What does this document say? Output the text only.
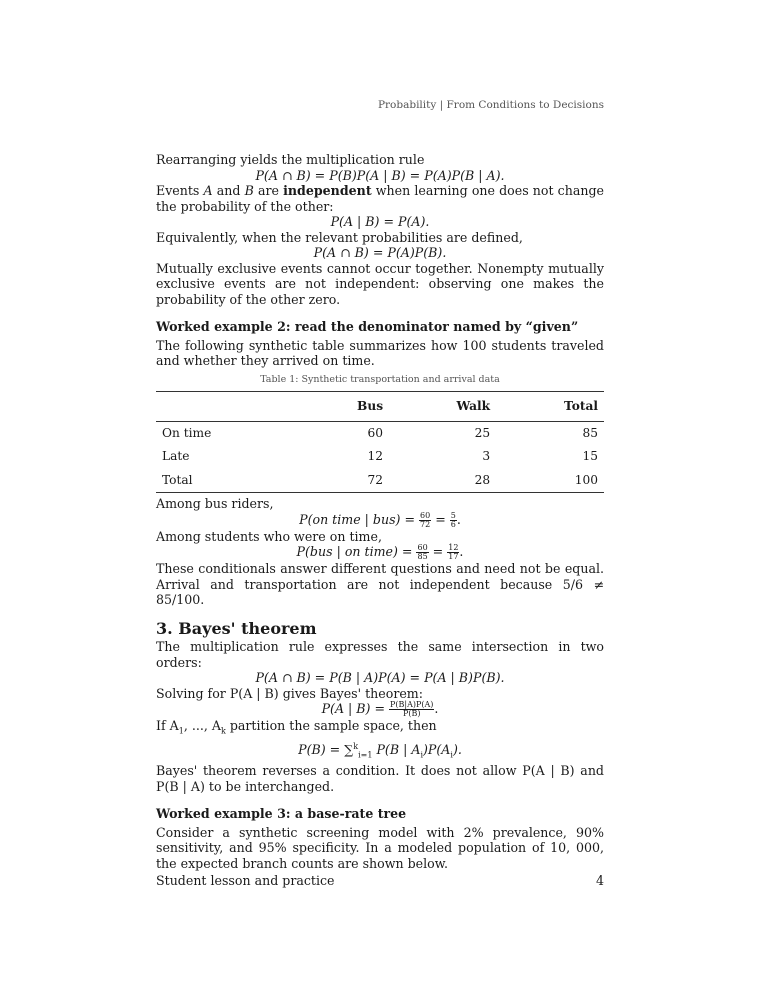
Probability | From Conditions to Decisions

Rearranging yields the multiplication rule

P(A ∩ B) = P(B)P(A | B) = P(A)P(B | A).

Events A and B are independent when learning one does not change the probability of the other:

P(A | B) = P(A).

Equivalently, when the relevant probabilities are defined,

P(A ∩ B) = P(A)P(B).

Mutually exclusive events cannot occur together. Nonempty mutually exclusive events are not independent: observing one makes the probability of the other zero.

Worked example 2: read the denominator named by “given”

The following synthetic table summarizes how 100 students traveled and whether they arrived on time.

Table 1: Synthetic transportation and arrival data
	Bus	Walk	Total
On time	60	25	85
Late	12	3	15
Total	72	28	100

Among bus riders,

P(on time | $bus) = \frac{60}{72} = \frac{5}{6}$ .

Among students who were on time,

P(bus | on time) = $\frac{60}{85} = \frac{12}{17}$ .

These conditionals answer different questions and need not be equal. Arrival and transportation are not independent because 5/6 ≠ 85/100.

3. Bayes' theorem

The multiplication rule expresses the same intersection in two orders:

P(A ∩ B) = P(B | A)P(A) = P(A | B)P(B).

Solving for P(A | B) gives Bayes' theorem:

P(A | $B) = \frac{P(B|A)P(A)}{P(B)}$ .

If $A_1$, ..., $A_k$ partition the sample space, then

P(B) = ∑$^k_{i=1}$ P(B | $A_i)P(A_i)$.

Bayes' theorem reverses a condition. It does not allow P(A | B) and P(B | A) to be interchanged.

Worked example 3: a base-rate tree

Consider a synthetic screening model with 2% prevalence, 90% sensitivity, and 95% specificity. In a modeled population of 10, 000, the expected branch counts are shown below.

Student lesson and practice	4
